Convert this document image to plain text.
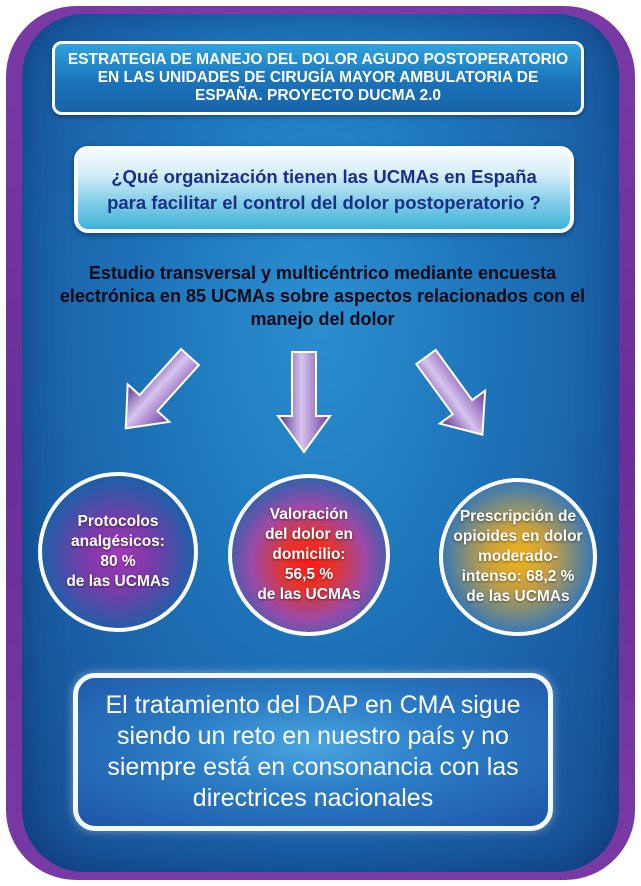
ESTRATEGIA DE MANEJO DEL DOLOR AGUDO POSTOPERATORIO EN LAS UNIDADES DE CIRUGÍA MAYOR AMBULATORIA DE ESPAÑA. PROYECTO DUCMA 2.0
¿Qué organización tienen las UCMAs en España para facilitar el control del dolor postoperatorio ?
Estudio transversal y multicéntrico mediante encuesta electrónica en 85 UCMAs sobre aspectos relacionados con el manejo del dolor
Protocolos
analgésicos:
80 %
de las UCMAs
Valoración
del dolor en
domicilio:
56,5 %
de las UCMAs
Prescripción de
opioides en dolor
moderado-
intenso: 68,2 %
de las UCMAs
El tratamiento del DAP en CMA sigue siendo un reto en nuestro país y no siempre está en consonancia con las directrices nacionales
